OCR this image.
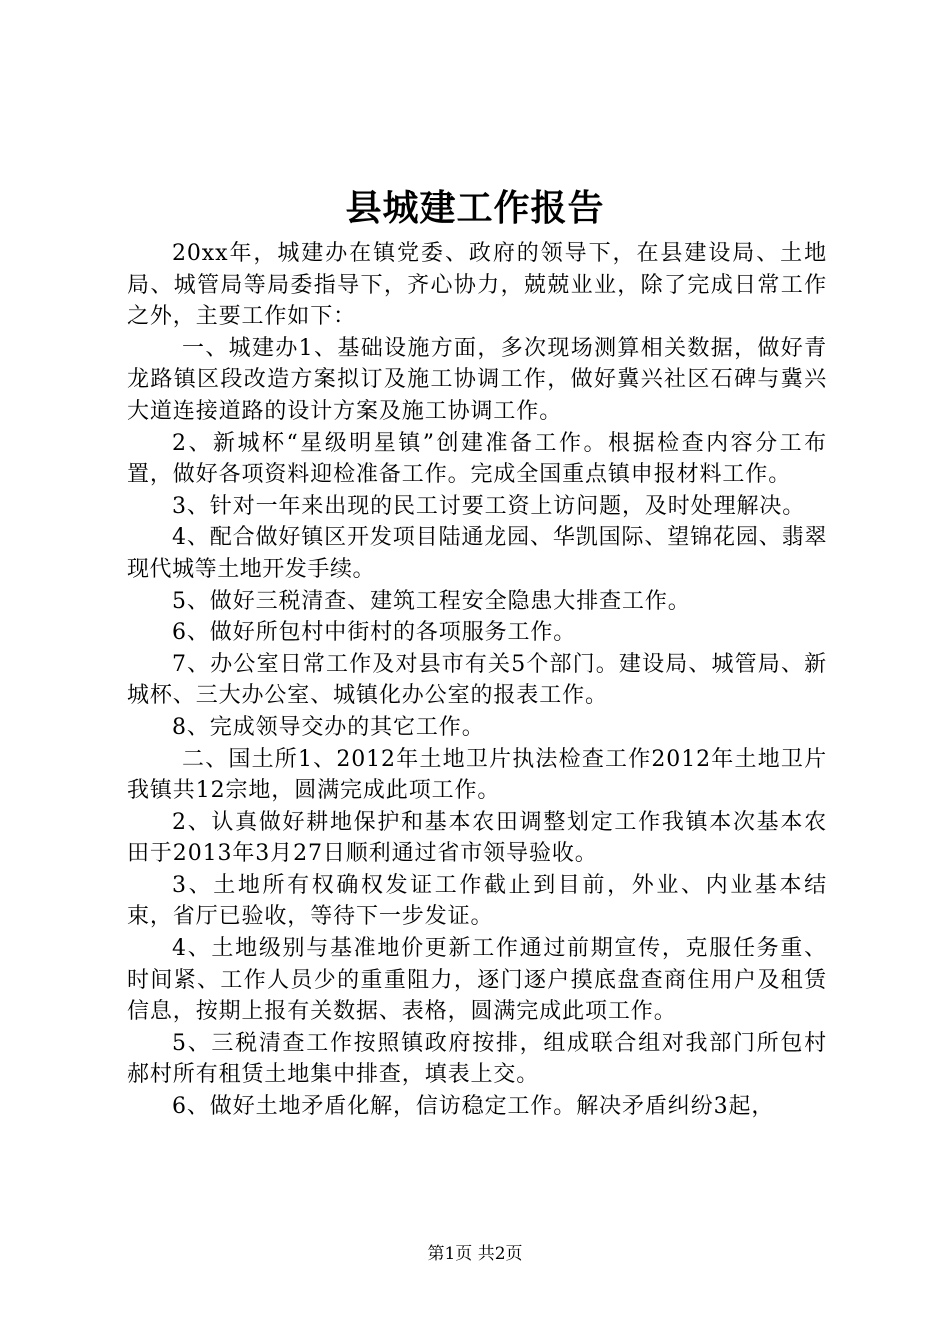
县城建工作报告

20xx年，城建办在镇党委、政府的领导下，在县建设局、土地局、城管局等局委指导下，齐心协力，兢兢业业，除了完成日常工作之外，主要工作如下：

一、城建办1、基础设施方面，多次现场测算相关数据，做好青龙路镇区段改造方案拟订及施工协调工作，做好冀兴社区石碑与冀兴大道连接道路的设计方案及施工协调工作。

2、新城杯“星级明星镇”创建准备工作。根据检查内容分工布置，做好各项资料迎检准备工作。完成全国重点镇申报材料工作。

3、针对一年来出现的民工讨要工资上访问题，及时处理解决。

4、配合做好镇区开发项目陆通龙园、华凯国际、望锦花园、翡翠现代城等土地开发手续。

5、做好三税清查、建筑工程安全隐患大排查工作。

6、做好所包村中街村的各项服务工作。

7、办公室日常工作及对县市有关5个部门。建设局、城管局、新城杯、三大办公室、城镇化办公室的报表工作。

8、完成领导交办的其它工作。

二、国土所1、2012年土地卫片执法检查工作2012年土地卫片我镇共12宗地，圆满完成此项工作。

2、认真做好耕地保护和基本农田调整划定工作我镇本次基本农田于2013年3月27日顺利通过省市领导验收。

3、土地所有权确权发证工作截止到目前，外业、内业基本结束，省厅已验收，等待下一步发证。

4、土地级别与基准地价更新工作通过前期宣传，克服任务重、时间紧、工作人员少的重重阻力，逐门逐户摸底盘查商住用户及租赁信息，按期上报有关数据、表格，圆满完成此项工作。

5、三税清查工作按照镇政府按排，组成联合组对我部门所包村郝村所有租赁土地集中排查，填表上交。

6、做好土地矛盾化解，信访稳定工作。解决矛盾纠纷3起，

第1页 共2页
